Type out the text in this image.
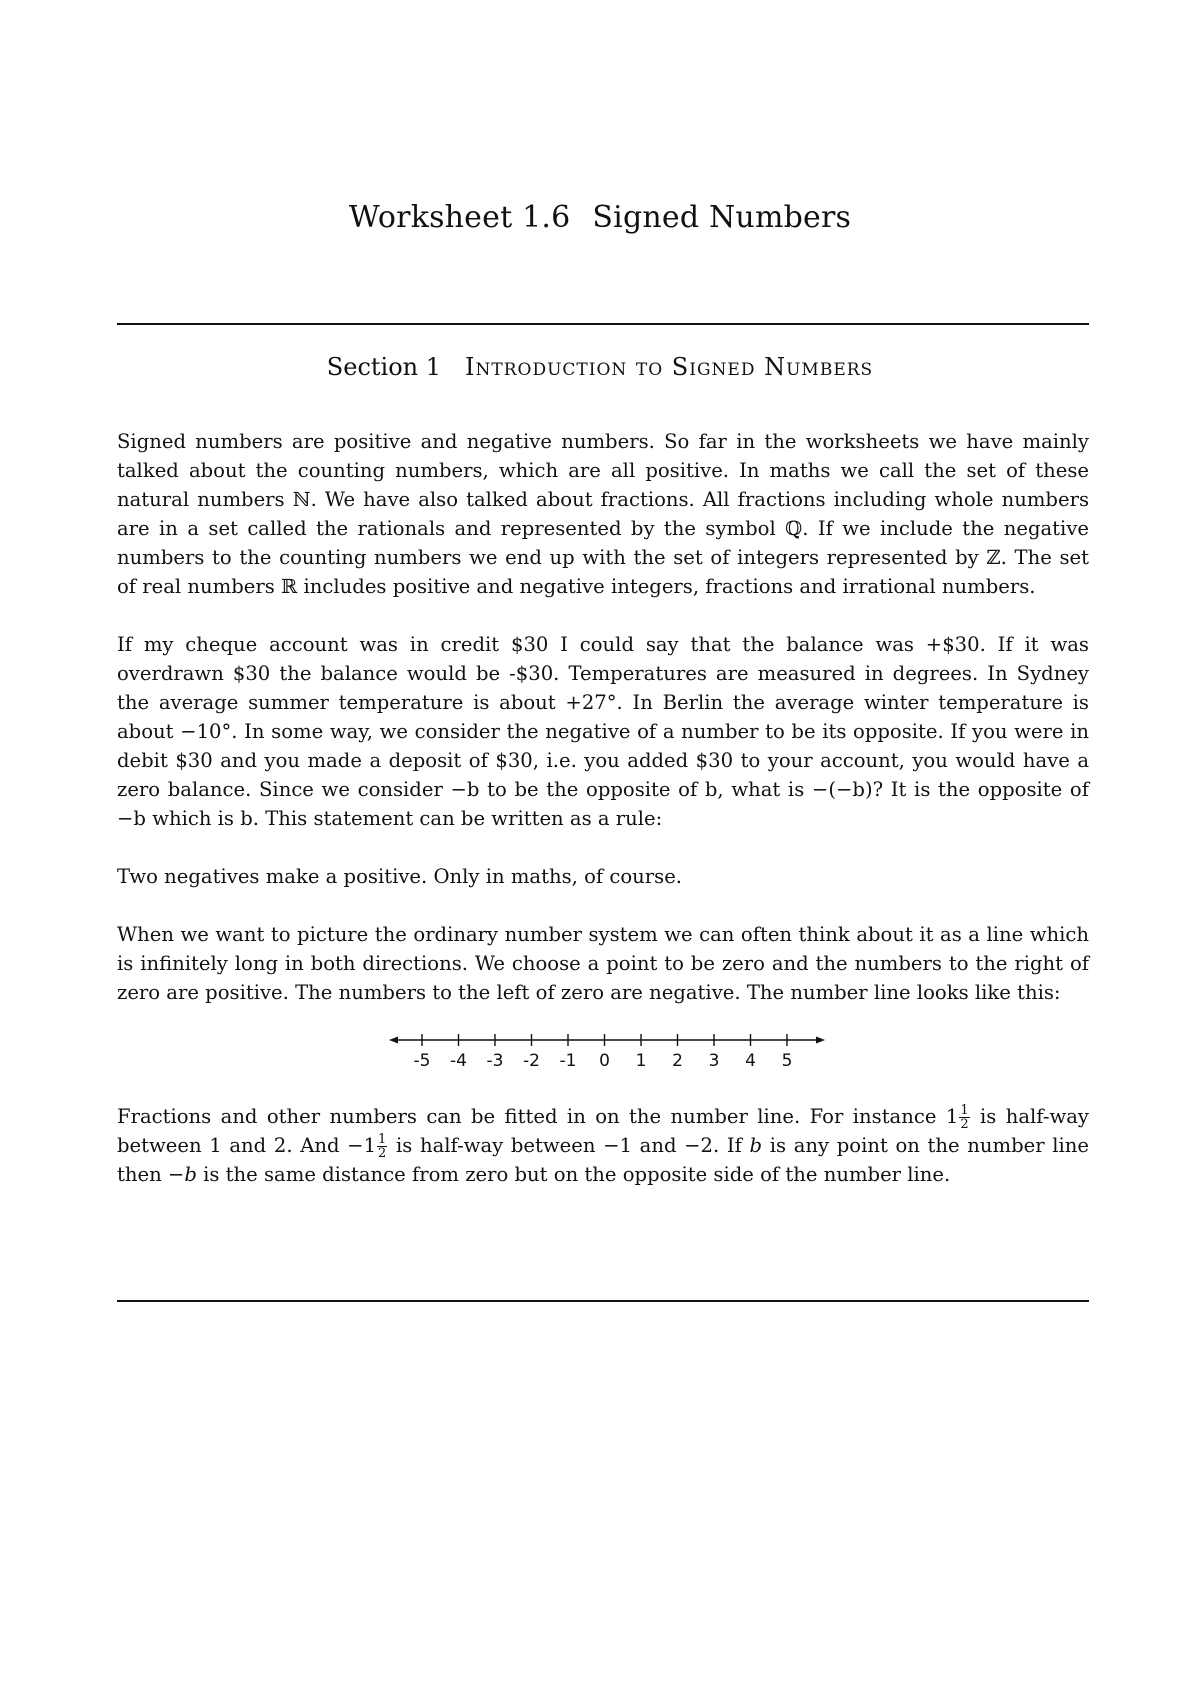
Worksheet 1.6 Signed Numbers
Section 1 Introduction to Signed Numbers

Signed numbers are positive and negative numbers. So far in the worksheets we have mainly talked about the counting numbers, which are all positive. In maths we call the set of these natural numbers ℕ. We have also talked about fractions. All fractions including whole numbers are in a set called the rationals and represented by the symbol ℚ. If we include the negative numbers to the counting numbers we end up with the set of integers represented by ℤ. The set of real numbers ℝ includes positive and negative integers, fractions and irrational numbers.

If my cheque account was in credit $30 I could say that the balance was +$30. If it was overdrawn $30 the balance would be -$30. Temperatures are measured in degrees. In Sydney the average summer temperature is about +27°. In Berlin the average winter temperature is about −10°. In some way, we consider the negative of a number to be its opposite. If you were in debit $30 and you made a deposit of $30, i.e. you added $30 to your account, you would have a zero balance. Since we consider −b to be the opposite of b, what is −(−b)? It is the opposite of −b which is b. This statement can be written as a rule:

Two negatives make a positive. Only in maths, of course.

When we want to picture the ordinary number system we can often think about it as a line which is infinitely long in both directions. We choose a point to be zero and the numbers to the right of zero are positive. The numbers to the left of zero are negative. The number line looks like this:

-5 -4 -3 -2 -1 0 1 2 3 4 5

Fractions and other numbers can be fitted in on the number line. For instance $1 \frac{1}{2}$ is half-way between 1 and 2. And $-1 \frac{1}{2}$ is half-way between −1 and −2. If b is any point on the number line then −b is the same distance from zero but on the opposite side of the number line.
